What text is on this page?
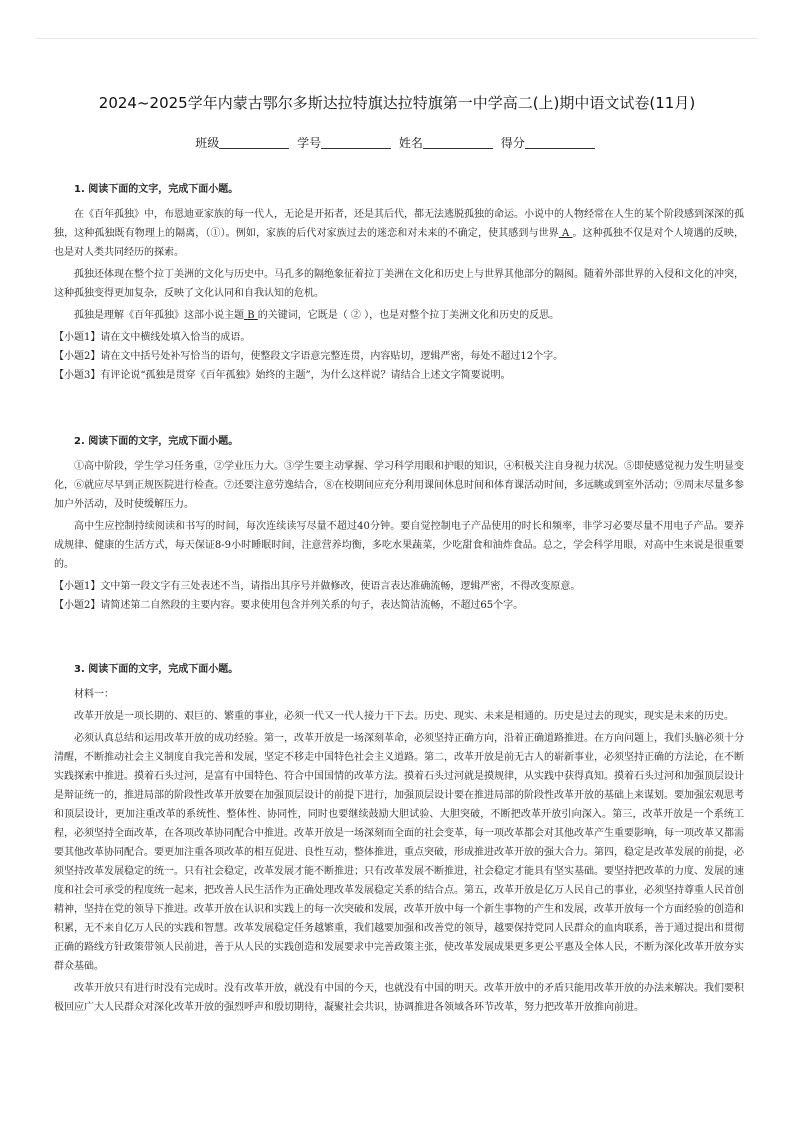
2024~2025学年内蒙古鄂尔多斯达拉特旗达拉特旗第一中学高二(上)期中语文试卷(11月)
班级	学号	姓名	得分
1. 阅读下面的文字，完成下面小题。

在《百年孤独》中，布恩迪亚家族的每一代人，无论是开拓者，还是其后代，都无法逃脱孤独的命运。小说中的人物经常在人生的某个阶段感到深深的孤独，这种孤独既有物理上的隔离，（①）。例如，家族的后代对家族过去的迷恋和对未来的不确定，使其感到与世界 A 。这种孤独不仅是对个人境遇的反映，也是对人类共同经历的探索。

孤独还体现在整个拉丁美洲的文化与历史中。马孔多的隔绝象征着拉丁美洲在文化和历史上与世界其他部分的隔阂。随着外部世界的入侵和文化的冲突，这种孤独变得更加复杂，反映了文化认同和自我认知的危机。

孤独是理解《百年孤独》这部小说主题 B 的关键词，它既是（ ② ），也是对整个拉丁美洲文化和历史的反思。

【小题1】请在文中横线处填入恰当的成语。

【小题2】请在文中括号处补写恰当的语句，使整段文字语意完整连贯，内容贴切，逻辑严密，每处不超过12个字。

【小题3】有评论说“孤独是贯穿《百年孤独》始终的主题”，为什么这样说？请结合上述文字简要说明。

2. 阅读下面的文字，完成下面小题。

①高中阶段，学生学习任务重，②学业压力大。③学生要主动掌握、学习科学用眼和护眼的知识，④积极关注自身视力状况。⑤即使感觉视力发生明显变化，⑥就应尽早到正规医院进行检查。⑦还要注意劳逸结合，⑧在校期间应充分利用课间休息时间和体育课活动时间，多远眺或到室外活动；⑨周末尽量多参加户外活动，及时使缓解压力。

高中生应控制持续阅读和书写的时间，每次连续读写尽量不超过40分钟。要自觉控制电子产品使用的时长和频率，非学习必要尽量不用电子产品。要养成规律、健康的生活方式，每天保证8-9小时睡眠时间，注意营养均衡，多吃水果蔬菜，少吃甜食和油炸食品。总之，学会科学用眼，对高中生来说是很重要的。

【小题1】文中第一段文字有三处表述不当，请指出其序号并做修改，使语言表达准确流畅，逻辑严密，不得改变原意。

【小题2】请简述第二自然段的主要内容。要求使用包含并列关系的句子，表达简洁流畅，不超过65个字。

3. 阅读下面的文字，完成下面小题。

材料一：

改革开放是一项长期的、艰巨的、繁重的事业，必须一代又一代人接力干下去。历史、现实、未来是相通的。历史是过去的现实，现实是未来的历史。

必须认真总结和运用改革开放的成功经验。第一，改革开放是一场深刻革命，必须坚持正确方向，沿着正确道路推进。在方向问题上，我们头脑必须十分清醒，不断推动社会主义制度自我完善和发展，坚定不移走中国特色社会主义道路。第二，改革开放是前无古人的崭新事业，必须坚持正确的方法论，在不断实践探索中推进。摸着石头过河，是富有中国特色、符合中国国情的改革方法。摸着石头过河就是摸规律，从实践中获得真知。摸着石头过河和加强顶层设计是辩证统一的，推进局部的阶段性改革开放要在加强顶层设计的前提下进行，加强顶层设计要在推进局部的阶段性改革开放的基础上来谋划。要加强宏观思考和顶层设计，更加注重改革的系统性、整体性、协同性，同时也要继续鼓励大胆试验、大胆突破，不断把改革开放引向深入。第三，改革开放是一个系统工程，必须坚持全面改革，在各项改革协同配合中推进。改革开放是一场深刻而全面的社会变革，每一项改革都会对其他改革产生重要影响，每一项改革又都需要其他改革协同配合。要更加注重各项改革的相互促进、良性互动，整体推进，重点突破，形成推进改革开放的强大合力。第四，稳定是改革发展的前提，必须坚持改革发展稳定的统一。只有社会稳定，改革发展才能不断推进；只有改革发展不断推进，社会稳定才能具有坚实基础。要坚持把改革的力度、发展的速度和社会可承受的程度统一起来，把改善人民生活作为正确处理改革发展稳定关系的结合点。第五，改革开放是亿万人民自己的事业，必须坚持尊重人民首创精神，坚持在党的领导下推进。改革开放在认识和实践上的每一次突破和发展，改革开放中每一个新生事物的产生和发展，改革开放每一个方面经验的创造和积累，无不来自亿万人民的实践和智慧。改革发展稳定任务越繁重，我们越要加强和改善党的领导，越要保持党同人民群众的血肉联系，善于通过提出和贯彻正确的路线方针政策带领人民前进，善于从人民的实践创造和发展要求中完善政策主张，使改革发展成果更多更公平惠及全体人民，不断为深化改革开放夯实群众基础。

改革开放只有进行时没有完成时。没有改革开放，就没有中国的今天，也就没有中国的明天。改革开放中的矛盾只能用改革开放的办法来解决。我们要积极回应广大人民群众对深化改革开放的强烈呼声和殷切期待，凝聚社会共识，协调推进各领域各环节改革，努力把改革开放推向前进。
